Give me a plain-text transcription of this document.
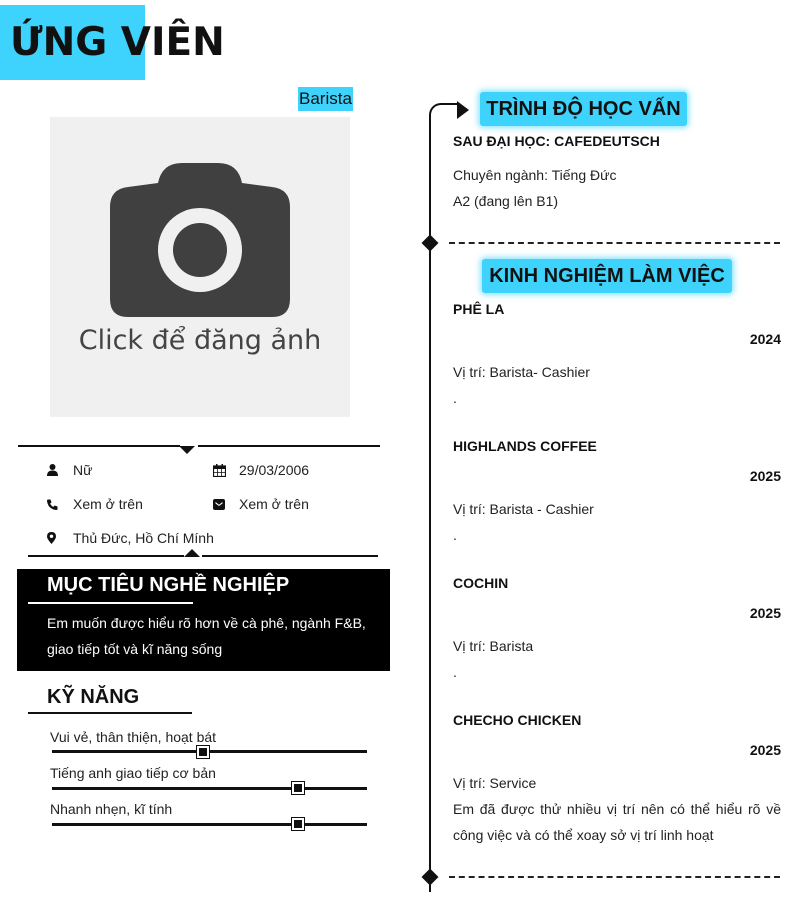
ỨNG VIÊN
Barista
Click để đăng ảnh
Nữ	29/03/2006
Xem ở trên	Xem ở trên
Thủ Đức, Hồ Chí Mính
MỤC TIÊU NGHỀ NGHIỆP
Em muốn được hiểu rõ hơn về cà phê, ngành F&B, giao tiếp tốt và kĩ năng sống
KỸ NĂNG
Vui vẻ, thân thiện, hoạt bát
Tiếng anh giao tiếp cơ bản
Nhanh nhẹn, kĩ tính
TRÌNH ĐỘ HỌC VẤN
SAU ĐẠI HỌC: CAFEDEUTSCH
Chuyên ngành: Tiếng Đức
A2 (đang lên B1)
KINH NGHIỆM LÀM VIỆC
PHÊ LA
2024
Vị trí: Barista- Cashier
.
HIGHLANDS COFFEE
2025
Vị trí: Barista - Cashier
.
COCHIN
2025
Vị trí: Barista
.
CHECHO CHICKEN
2025
Vị trí: Service
Em đã được thử nhiều vị trí nên có thể hiểu rõ về công việc và có thể xoay sở vị trí linh hoạt
